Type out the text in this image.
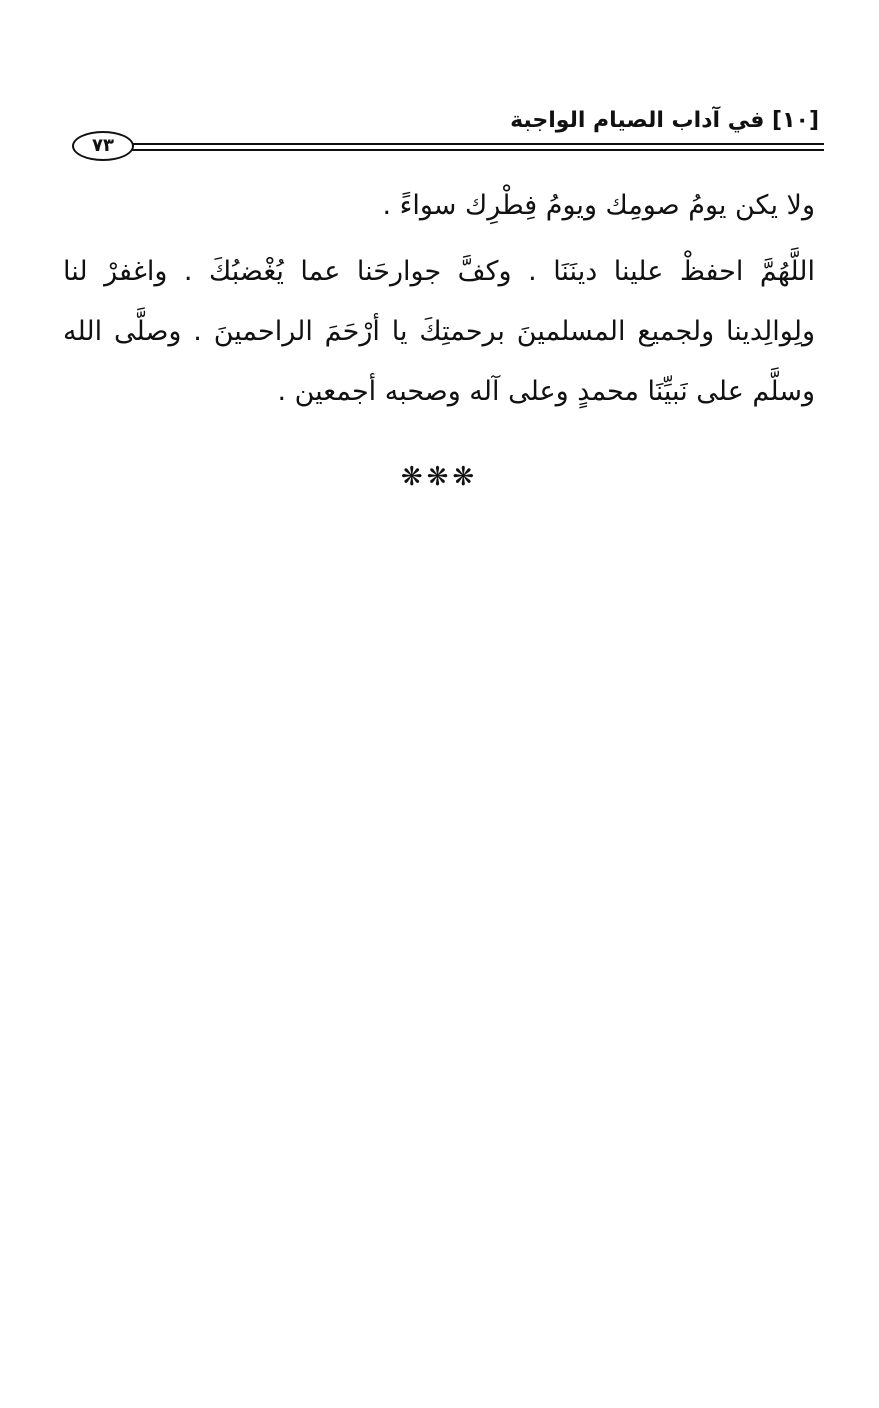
[١٠] في آداب الصيام الواجبة
٧٣

ولا يكن يومُ صومِك ويومُ فِطْرِك سواءً .

اللَّهُمَّ احفظْ علينا دينَنَا . وكفَّ جوارحَنا عما يُغْضبُكَ . واغفرْ لنا ولِوالِدينا ولجميع المسلمينَ برحمتِكَ يا أرْحَمَ الراحمينَ . وصلَّى الله وسلَّم على نَبيِّنَا محمدٍ وعلى آله وصحبه أجمعين .

❋❋❋
